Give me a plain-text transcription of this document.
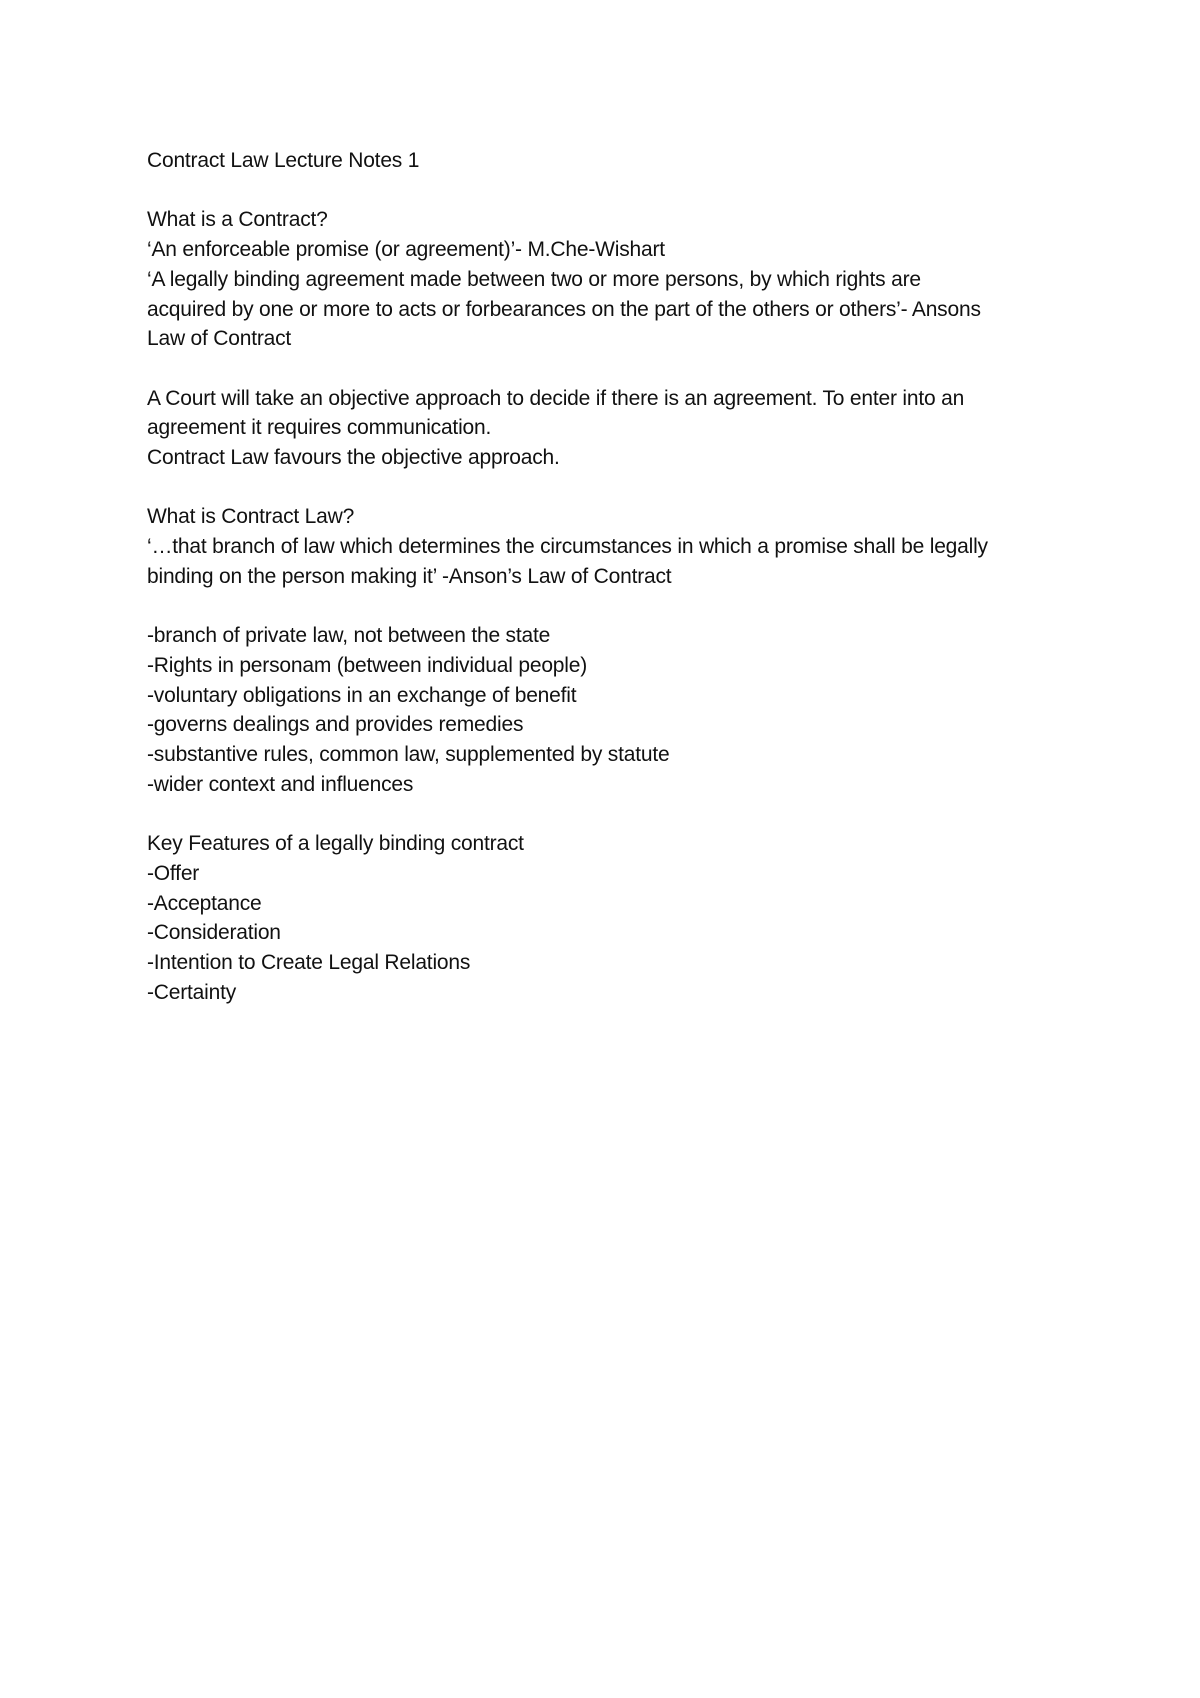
Contract Law Lecture Notes 1
What is a Contract?
‘An enforceable promise (or agreement)’- M.Che-Wishart
‘A legally binding agreement made between two or more persons, by which rights are
acquired by one or more to acts or forbearances on the part of the others or others’- Ansons
Law of Contract
A Court will take an objective approach to decide if there is an agreement. To enter into an
agreement it requires communication.
Contract Law favours the objective approach.
What is Contract Law?
‘…that branch of law which determines the circumstances in which a promise shall be legally
binding on the person making it’ -Anson’s Law of Contract
-branch of private law, not between the state
-Rights in personam (between individual people)
-voluntary obligations in an exchange of benefit
-governs dealings and provides remedies
-substantive rules, common law, supplemented by statute
-wider context and influences
Key Features of a legally binding contract
-Offer
-Acceptance
-Consideration
-Intention to Create Legal Relations
-Certainty
